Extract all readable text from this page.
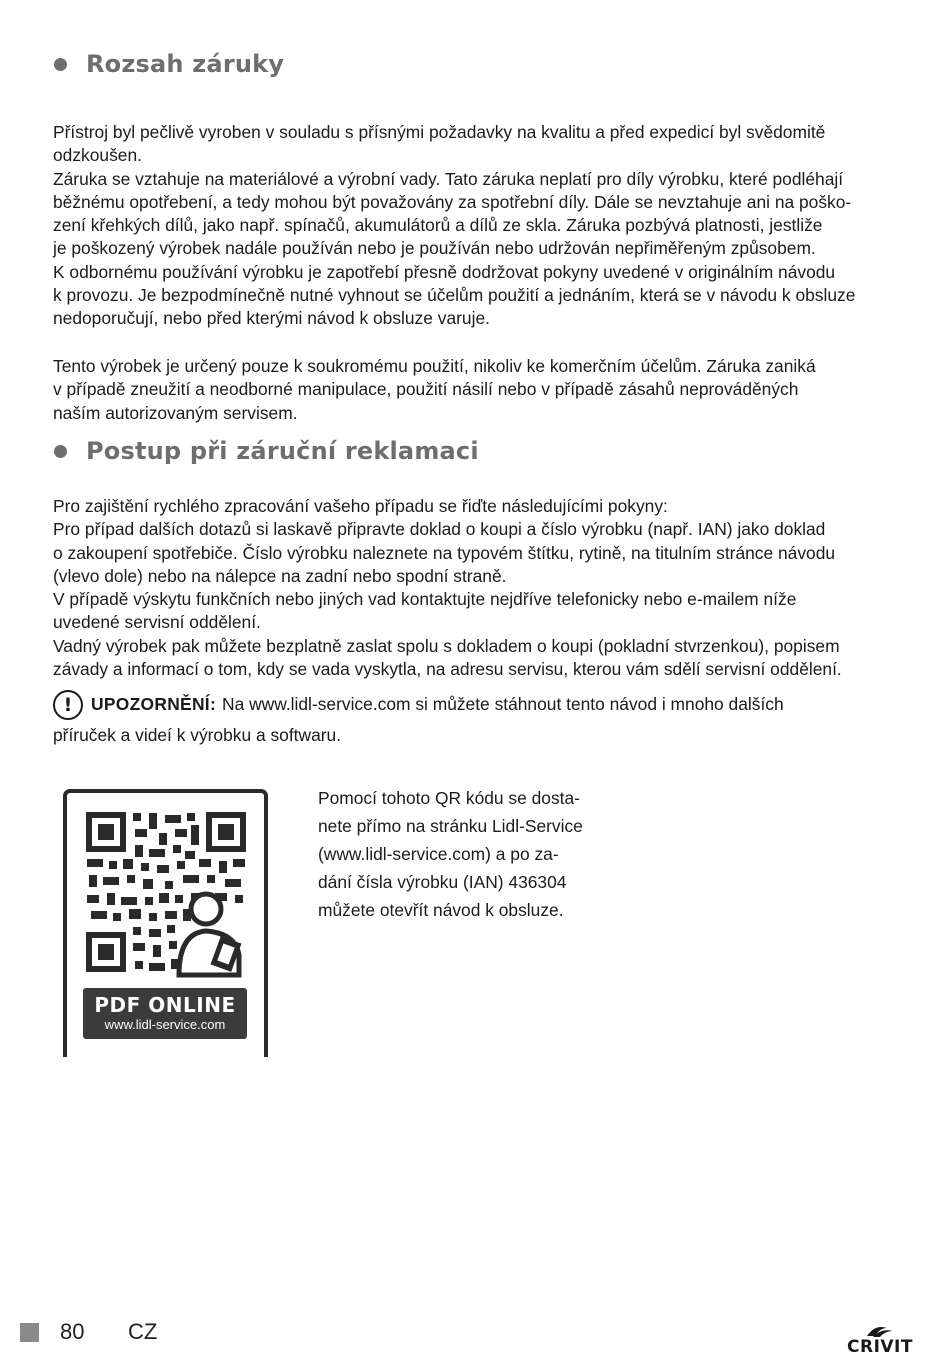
Rozsah záruky

Přístroj byl pečlivě vyroben v souladu s přísnými požadavky na kvalitu a před expedicí byl svědomitě
odzkoušen.
Záruka se vztahuje na materiálové a výrobní vady. Tato záruka neplatí pro díly výrobku, které podléhají
běžnému opotřebení, a tedy mohou být považovány za spotřební díly. Dále se nevztahuje ani na poško-
zení křehkých dílů, jako např. spínačů, akumulátorů a dílů ze skla. Záruka pozbývá platnosti, jestliže
je poškozený výrobek nadále používán nebo je používán nebo udržován nepřiměřeným způsobem.
K odbornému používání výrobku je zapotřebí přesně dodržovat pokyny uvedené v originálním návodu
k provozu. Je bezpodmínečně nutné vyhnout se účelům použití a jednáním, která se v návodu k obsluze
nedoporučují, nebo před kterými návod k obsluze varuje.

Tento výrobek je určený pouze k soukromému použití, nikoliv ke komerčním účelům. Záruka zaniká
v případě zneužití a neodborné manipulace, použití násilí nebo v případě zásahů neprováděných
naším autorizovaným servisem.

Postup při záruční reklamaci

Pro zajištění rychlého zpracování vašeho případu se řiďte následujícími pokyny:
Pro případ dalších dotazů si laskavě připravte doklad o koupi a číslo výrobku (např. IAN) jako doklad
o zakoupení spotřebiče. Číslo výrobku naleznete na typovém štítku, rytině, na titulním stránce návodu
(vlevo dole) nebo na nálepce na zadní nebo spodní straně.
V případě výskytu funkčních nebo jiných vad kontaktujte nejdříve telefonicky nebo e-mailem níže
uvedené servisní oddělení.
Vadný výrobek pak můžete bezplatně zaslat spolu s dokladem o koupi (pokladní stvrzenkou), popisem
závady a informací o tom, kdy se vada vyskytla, na adresu servisu, kterou vám sdělí servisní oddělení.

! UPOZORNĚNÍ: Na www.lidl-service.com si můžete stáhnout tento návod i mnoho dalších
příruček a videí k výrobku a softwaru.
PDF ONLINE
www.lidl-service.com
Pomocí tohoto QR kódu se dosta-
nete přímo na stránku Lidl-Service
(www.lidl-service.com) a po za-
dání čísla výrobku (IAN) 436304
můžete otevřít návod k obsluze.
80 CZ
CRIVIT
